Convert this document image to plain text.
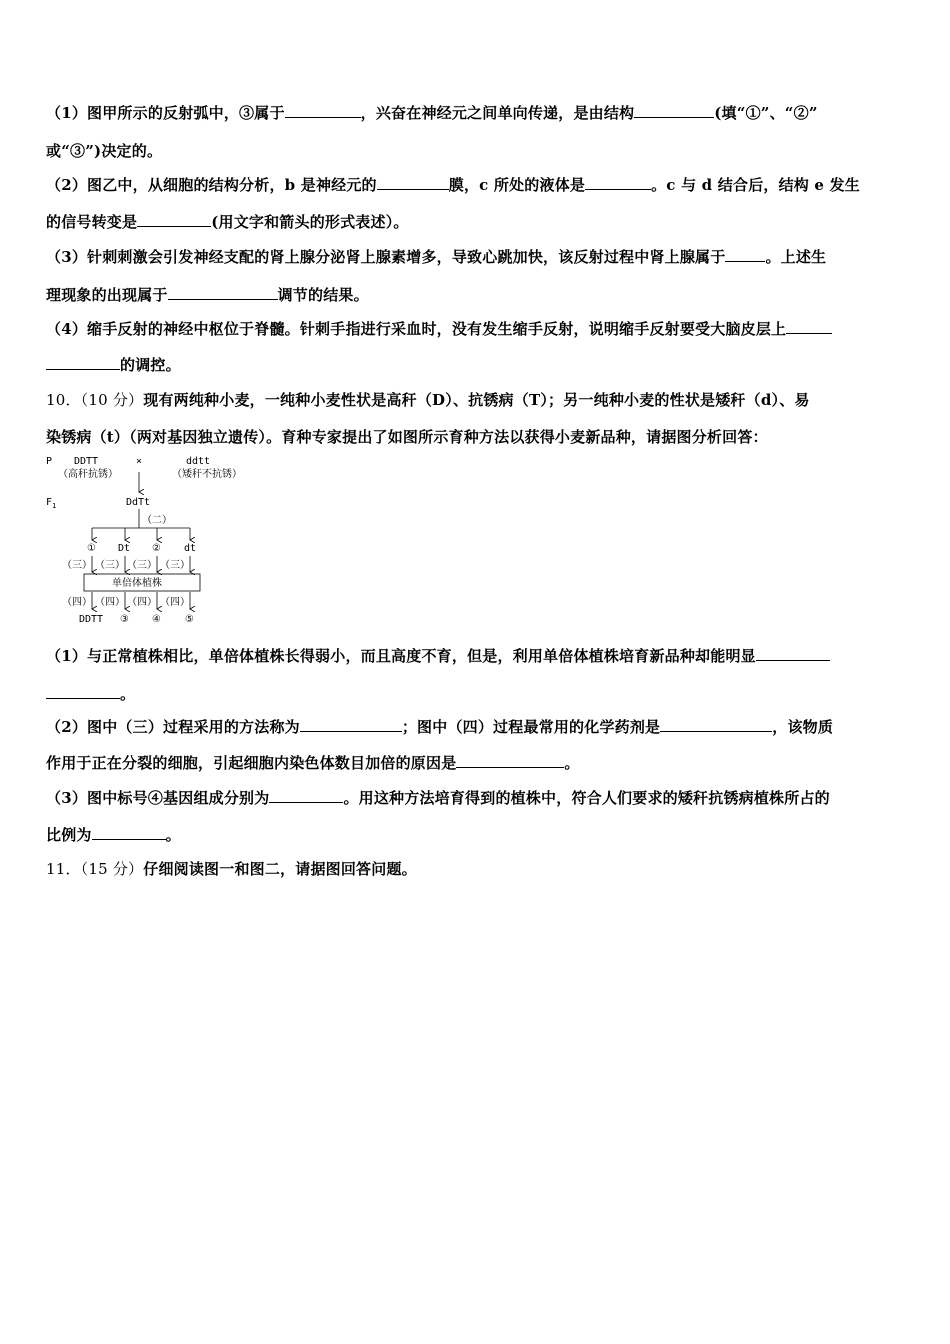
（1）图甲所示的反射弧中，③属于	，兴奋在神经元之间单向传递，是由结构	(填“①”、“②”
或“③”)决定的。
（2）图乙中，从细胞的结构分析，b 是神经元的	膜，c 所处的液体是	。c 与 d 结合后，结构 e 发生
的信号转变是	(用文字和箭头的形式表述）。
（3）针刺刺激会引发神经支配的肾上腺分泌肾上腺素增多，导致心跳加快，该反射过程中肾上腺属于	。上述生
理现象的出现属于	调节的结果。
（4）缩手反射的神经中枢位于脊髓。针刺手指进行采血时，没有发生缩手反射，说明缩手反射要受大脑皮层上
的调控。
10．（10 分）现有两纯种小麦，一纯种小麦性状是高秆（D）、抗锈病（T）；另一纯种小麦的性状是矮秆（d）、易
染锈病（t）（两对基因独立遗传）。育种专家提出了如图所示育种方法以获得小麦新品种，请据图分析回答：
P DDTT
（高秆抗锈）
×	ddtt
（矮秆不抗锈）
$F_1$	DdTt
（二）
① Dt ② dt
（三） （三） （三） （三）
单倍体植株
（四） （四） （四） （四）
DDTT ③ ④ ⑤
（1）与正常植株相比，单倍体植株长得弱小，而且高度不育，但是，利用单倍体植株培育新品种却能明显
。
（2）图中（三）过程采用的方法称为	；图中（四）过程最常用的化学药剂是	，该物质
作用于正在分裂的细胞，引起细胞内染色体数目加倍的原因是	。
（3）图中标号④基因组成分别为	。用这种方法培育得到的植株中，符合人们要求的矮秆抗锈病植株所占的
比例为	。
11．（15 分）仔细阅读图一和图二，请据图回答问题。
